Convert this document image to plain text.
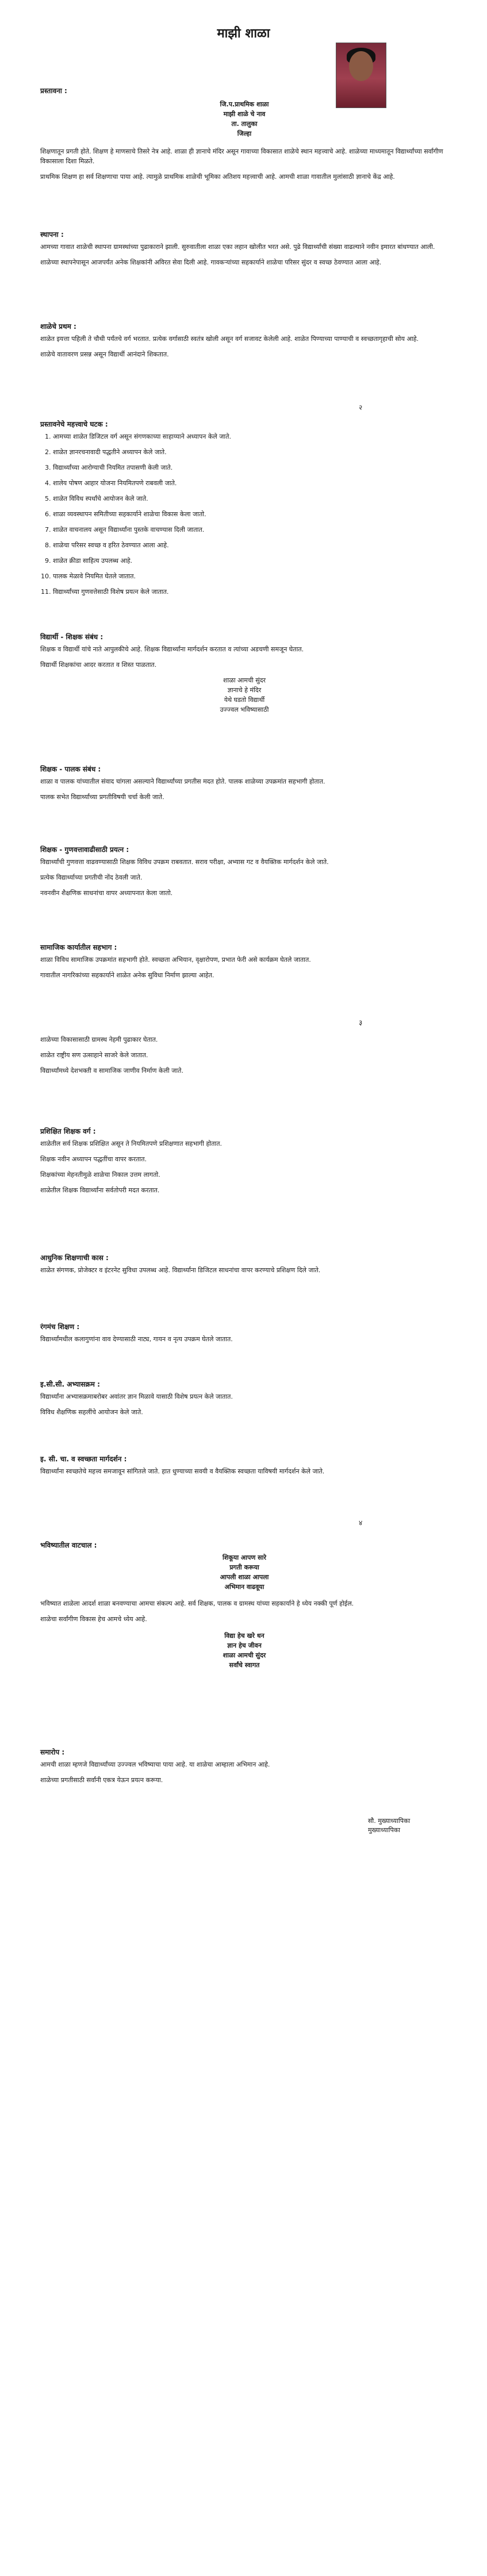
माझी शाळा
प्रस्तावना :
जि.प.प्राथमिक शाळा
माझी शाळे चे नाव
ता. तालुका
जिल्हा

शिक्षणातून प्रगती होते. शिक्षण हे माणसाचे तिसरे नेत्र आहे. शाळा ही ज्ञानाचे मंदिर असून गावाच्या विकासात शाळेचे स्थान महत्त्वाचे आहे. शाळेच्या माध्यमातून विद्यार्थ्यांच्या सर्वांगीण विकासाला दिशा मिळते.

प्राथमिक शिक्षण हा सर्व शिक्षणाचा पाया आहे. त्यामुळे प्राथमिक शाळेची भूमिका अतिशय महत्त्वाची आहे. आमची शाळा गावातील मुलांसाठी ज्ञानाचे केंद्र आहे.

स्थापना :

आमच्या गावात शाळेची स्थापना ग्रामस्थांच्या पुढाकाराने झाली. सुरुवातीला शाळा एका लहान खोलीत भरत असे. पुढे विद्यार्थ्यांची संख्या वाढल्याने नवीन इमारत बांधण्यात आली.

शाळेच्या स्थापनेपासून आजपर्यंत अनेक शिक्षकांनी अविरत सेवा दिली आहे. गावकऱ्यांच्या सहकार्याने शाळेचा परिसर सुंदर व स्वच्छ ठेवण्यात आला आहे.

शाळेचे प्रथम :

शाळेत इयत्ता पहिली ते चौथी पर्यंतचे वर्ग भरतात. प्रत्येक वर्गासाठी स्वतंत्र खोली असून वर्ग सजावट केलेली आहे. शाळेत पिण्याच्या पाण्याची व स्वच्छतागृहाची सोय आहे.

शाळेचे वातावरण प्रसन्न असून विद्यार्थी आनंदाने शिकतात.

२
प्रस्तावनेचे महत्त्वाचे घटक :
1. आमच्या शाळेत डिजिटल वर्ग असून संगणकाच्या साहाय्याने अध्यापन केले जाते.
2. शाळेत ज्ञानरचनावादी पद्धतीने अध्यापन केले जाते.
3. विद्यार्थ्यांच्या आरोग्याची नियमित तपासणी केली जाते.
4. शालेय पोषण आहार योजना नियमितपणे राबवली जाते.
5. शाळेत विविध स्पर्धांचे आयोजन केले जाते.
6. शाळा व्यवस्थापन समितीच्या सहकार्याने शाळेचा विकास केला जातो.
7. शाळेत वाचनालय असून विद्यार्थ्यांना पुस्तके वाचण्यास दिली जातात.
8. शाळेचा परिसर स्वच्छ व हरित ठेवण्यात आला आहे.
9. शाळेत क्रीडा साहित्य उपलब्ध आहे.
10. पालक मेळावे नियमित घेतले जातात.
11. विद्यार्थ्यांच्या गुणवत्तेसाठी विशेष प्रयत्न केले जातात.
विद्यार्थी - शिक्षक संबंध :

शिक्षक व विद्यार्थी यांचे नाते आपुलकीचे आहे. शिक्षक विद्यार्थ्यांना मार्गदर्शन करतात व त्यांच्या अडचणी समजून घेतात.

विद्यार्थी शिक्षकांचा आदर करतात व शिस्त पाळतात.

शाळा आमची सुंदर
ज्ञानाचे हे मंदिर
येथे घडतो विद्यार्थी
उज्ज्वल भविष्यासाठी
शिक्षक - पालक संबंध :

शाळा व पालक यांच्यातील संवाद चांगला असल्याने विद्यार्थ्यांच्या प्रगतीस मदत होते. पालक शाळेच्या उपक्रमांत सहभागी होतात.

पालक सभेत विद्यार्थ्यांच्या प्रगतीविषयी चर्चा केली जाते.

शिक्षक - गुणवत्तावाढीसाठी प्रयत्न :

विद्यार्थ्यांची गुणवत्ता वाढवण्यासाठी शिक्षक विविध उपक्रम राबवतात. सराव परीक्षा, अभ्यास गट व वैयक्तिक मार्गदर्शन केले जाते.

प्रत्येक विद्यार्थ्याच्या प्रगतीची नोंद ठेवली जाते.

नवनवीन शैक्षणिक साधनांचा वापर अध्यापनात केला जातो.

सामाजिक कार्यातील सहभाग :

शाळा विविध सामाजिक उपक्रमांत सहभागी होते. स्वच्छता अभियान, वृक्षारोपण, प्रभात फेरी असे कार्यक्रम घेतले जातात.

गावातील नागरिकांच्या सहकार्याने शाळेत अनेक सुविधा निर्माण झाल्या आहेत.

३

शाळेच्या विकासासाठी ग्रामस्थ नेहमी पुढाकार घेतात.

शाळेत राष्ट्रीय सण उत्साहाने साजरे केले जातात.

विद्यार्थ्यांमध्ये देशभक्ती व सामाजिक जाणीव निर्माण केली जाते.

प्रशिक्षित शिक्षक वर्ग :

शाळेतील सर्व शिक्षक प्रशिक्षित असून ते नियमितपणे प्रशिक्षणात सहभागी होतात.

शिक्षक नवीन अध्यापन पद्धतींचा वापर करतात.

शिक्षकांच्या मेहनतीमुळे शाळेचा निकाल उत्तम लागतो.

शाळेतील शिक्षक विद्यार्थ्यांना सर्वतोपरी मदत करतात.

आधुनिक शिक्षणाची कास :

शाळेत संगणक, प्रोजेक्टर व इंटरनेट सुविधा उपलब्ध आहे. विद्यार्थ्यांना डिजिटल साधनांचा वापर करण्याचे प्रशिक्षण दिले जाते.

रंगमंच शिक्षण :

विद्यार्थ्यांमधील कलागुणांना वाव देण्यासाठी नाट्य, गायन व नृत्य उपक्रम घेतले जातात.

इ.सी.सी. अभ्यासक्रम :

विद्यार्थ्यांना अभ्यासक्रमाबरोबर अवांतर ज्ञान मिळावे यासाठी विशेष प्रयत्न केले जातात.

विविध शैक्षणिक सहलींचे आयोजन केले जाते.

इ. सी. चा. व स्वच्छता मार्गदर्शन :

विद्यार्थ्यांना स्वच्छतेचे महत्त्व समजावून सांगितले जाते. हात धुण्याच्या सवयी व वैयक्तिक स्वच्छता याविषयी मार्गदर्शन केले जाते.

४
भविष्यातील वाटचाल :
शिकूया आपण सारे
प्रगती करूया
आपली शाळा आपला
अभिमान वाढवूया

भविष्यात शाळेला आदर्श शाळा बनवण्याचा आमचा संकल्प आहे. सर्व शिक्षक, पालक व ग्रामस्थ यांच्या सहकार्याने हे ध्येय नक्की पूर्ण होईल.

शाळेचा सर्वांगीण विकास हेच आमचे ध्येय आहे.

विद्या हेच खरे धन
ज्ञान हेच जीवन
शाळा आमची सुंदर
सर्वांचे स्वागत
समारोप :

आमची शाळा म्हणजे विद्यार्थ्यांच्या उज्ज्वल भविष्याचा पाया आहे. या शाळेचा आम्हाला अभिमान आहे.

शाळेच्या प्रगतीसाठी सर्वांनी एकत्र येऊन प्रयत्न करूया.

सौ. मुख्याध्यापिका
मुख्याध्यापिका
